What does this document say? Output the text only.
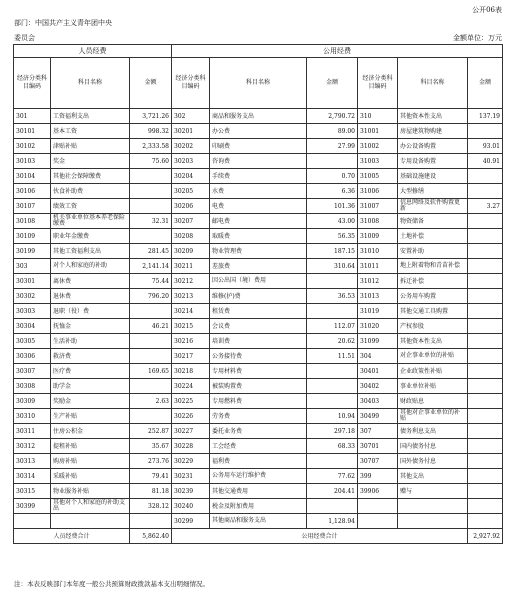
公开06表
部门：中国共产主义青年团中央
委员会	金额单位：万元
人员经费			公用经费					
经济分类科目编码	科目名称	金额	经济分类科目编码	科目名称	金额	经济分类科目编码	科目名称	金额
301	工资福利支出	3,721.26	302	商品和服务支出	2,790.72	310	其他资本性支出	137.19
30101	基本工资	998.32	30201	办公费	89.00	31001	房屋建筑物购建	
30102	津贴补贴	2,333.58	30202	印刷费	27.99	31002	办公设备购置	93.01
30103	奖金	75.60	30203	咨询费		31003	专用设备购置	40.91
30104	其他社会保障缴费		30204	手续费	0.70	31005	基础设施建设	
30106	伙食补助费		30205	水费	6.36	31006	大型修缮	
30107	绩效工资		30206	电费	101.36	31007	信息网络及软件购置更新	3.27
30108	机关事业单位基本养老保险缴费	32.31	30207	邮电费	43.00	31008	物资储备	
30109	职业年金缴费		30208	取暖费	56.35	31009	土地补偿	
30199	其他工资福利支出	281.45	30209	物业管理费	187.15	31010	安置补助	
303	对个人和家庭的补助	2,141.14	30211	差旅费	310.64	31011	地上附着物和青苗补偿	
30301	离休费	75.44	30212	因公出国（境）费用		31012	拆迁补偿	
30302	退休费	796.20	30213	维修(护)费	36.53	31013	公务用车购置	
30303	退职（役）费		30214	租赁费		31019	其他交通工具购置	
30304	抚恤金	46.21	30215	会议费	112.07	31020	产权参股	
30305	生活补助		30216	培训费	20.62	31099	其他资本性支出	
30306	救济费		30217	公务接待费	11.51	304	对企事业单位的补贴	
30307	医疗费	169.65	30218	专用材料费		30401	企业政策性补贴	
30308	助学金		30224	被装购置费		30402	事业单位补贴	
30309	奖励金	2.63	30225	专用燃料费		30403	财政贴息	
30310	生产补贴		30226	劳务费	10.94	30499	其他对企事业单位的补贴	
30311	住房公积金	252.87	30227	委托业务费	297.18	307	债务利息支出	
30312	提租补贴	35.67	30228	工会经费	68.33	30701	国内债务付息	
30313	购房补贴	273.76	30229	福利费		30707	国外债务付息	
30314	采暖补贴	79.41	30231	公务用车运行维护费	77.62	399	其他支出	
30315	物业服务补贴	81.18	30239	其他交通费用	204.41	39906	赠与	
30399	其他对个人和家庭的补助支出	328.12	30240	税金及附加费用				
			30299	其他商品和服务支出	1,128.94			
人员经费合计		5,862.40	公用经费合计					2,927.92
注：本表反映部门本年度一般公共预算财政拨款基本支出明细情况。
